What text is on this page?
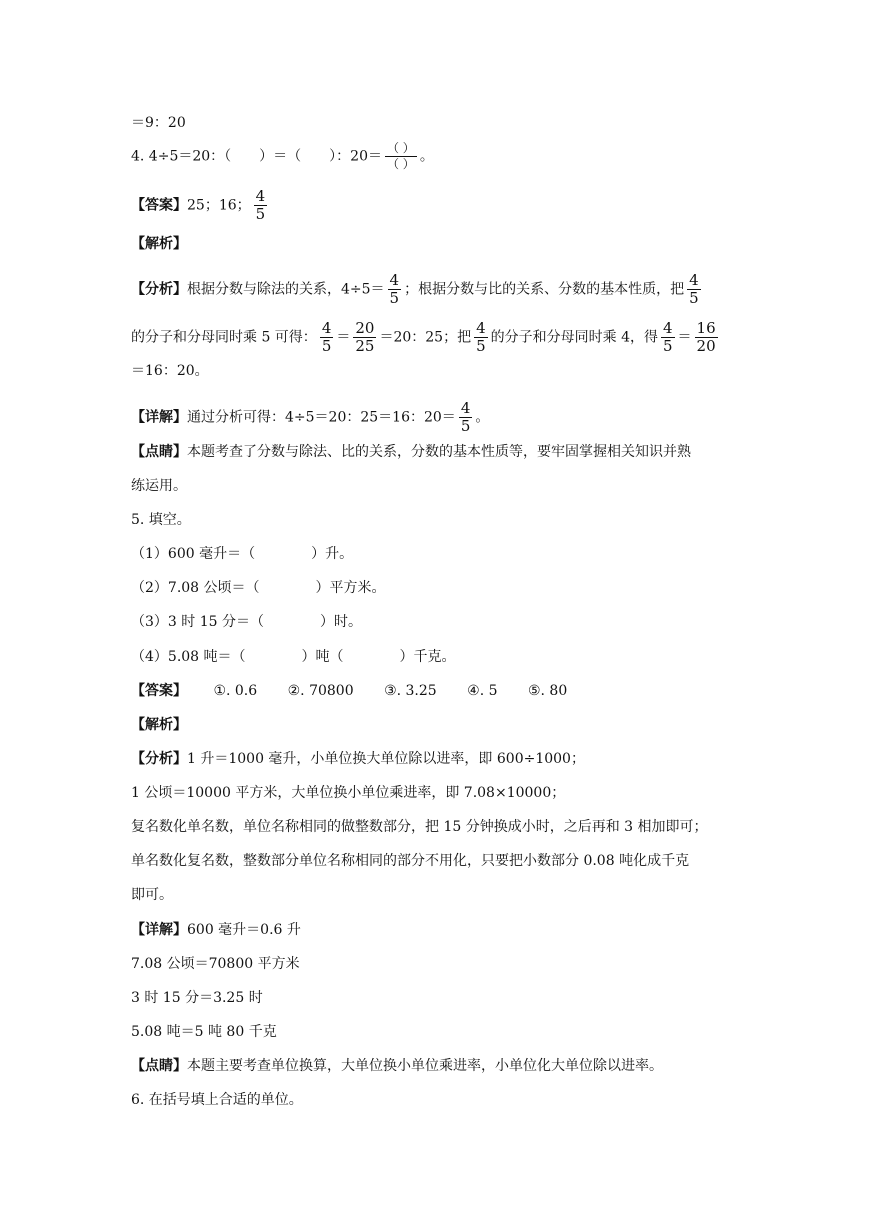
＝9：20
4. 4÷5＝20：（　　）＝（　　）：$20= \frac{( )}{( )}$ 。
【答案】25；16； $\frac{4}{5}$
【解析】
【分析】根据分数与除法的关系，$4\div 5= \frac{4}{5}$ ；根据分数与比的关系、分数的基本性质，把 $\frac{4}{5}$
的分子和分母同时乘 5 可得： $\frac{4}{5} = \frac{20}{25} =20$：25；把 $\frac{4}{5}$ 的分子和分母同时乘 4，得 $\frac{4}{5} = \frac{16}{20}$
＝16：20。
【详解】通过分析可得：4÷5＝20：25＝16：$20= \frac{4}{5}$ 。
【点睛】本题考查了分数与除法、比的关系，分数的基本性质等，要牢固掌握相关知识并熟
练运用。
5. 填空。
（1）600 毫升＝（　　　　）升。
（2）7.08 公顷＝（　　　　）平方米。
（3）3 时 15 分＝（　　　　）时。
（4）5.08 吨＝（　　　　）吨（　　　　）千克。
【答案】 ①. 0.6 ②. 70800 ③. 3.25 ④. 5 ⑤. 80
【解析】
【分析】1 升＝1000 毫升，小单位换大单位除以进率，即 600÷1000；
1 公顷＝10000 平方米，大单位换小单位乘进率，即 7.08×10000；
复名数化单名数，单位名称相同的做整数部分，把 15 分钟换成小时，之后再和 3 相加即可；
单名数化复名数，整数部分单位名称相同的部分不用化，只要把小数部分 0.08 吨化成千克
即可。
【详解】600 毫升＝0.6 升
7.08 公顷＝70800 平方米
3 时 15 分＝3.25 时
5.08 吨＝5 吨 80 千克
【点睛】本题主要考查单位换算，大单位换小单位乘进率，小单位化大单位除以进率。
6. 在括号填上合适的单位。
